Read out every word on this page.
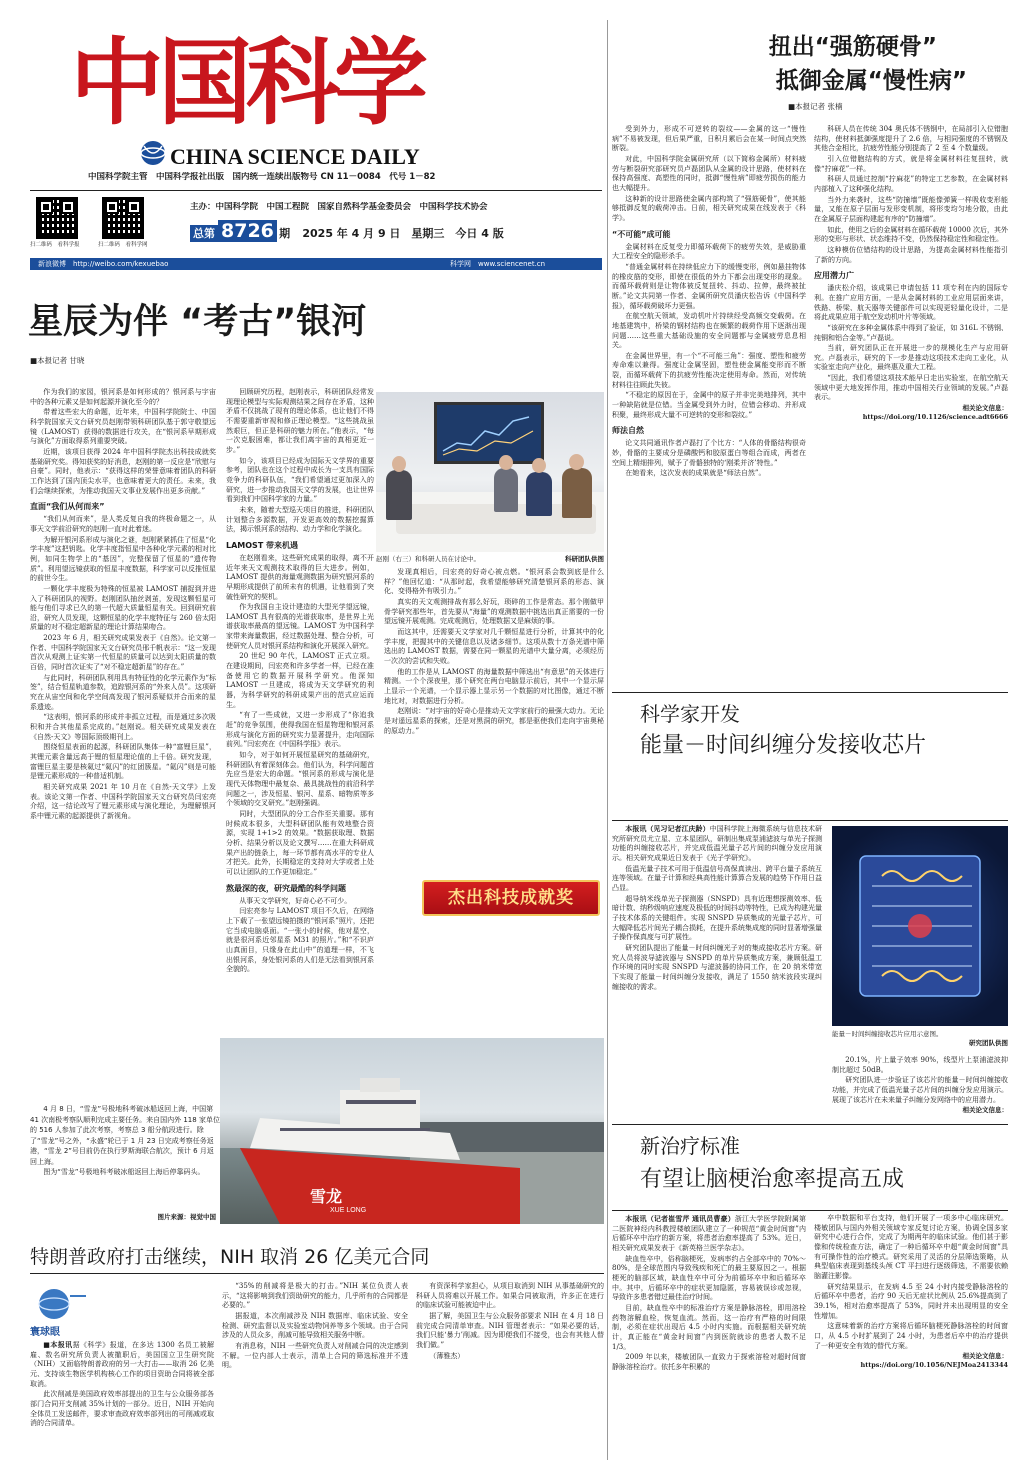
中国科学
CHINA SCIENCE DAILY
中国科学院主管　中国科学报社出版　国内统一连续出版物号 CN 11－0084　代号 1－82
扫二维码　看科学报	扫二维码　看科学网
主办：中国科学院　中国工程院　国家自然科学基金委员会　中国科学技术协会
总第 8726 期 2025 年 4 月 9 日　星期三　今日 4 版
新浪微博　http://weibo.com/kexuebao	科学网　www.sciencenet.cn
扭出“强筋硬骨”
抵御金属“慢性病”
■本报记者 张楠

受到外力，形成不可逆转的裂纹——金属的这一“慢性病”不易被发现，但后果严重，日积月累后会在某一时间点突然断裂。

对此，中国科学院金属研究所（以下简称金属所）材料疲劳与断裂研究部研究员卢磊团队从金属的设计思路，使材料在保持高强度、高塑性的同时，抵御“慢性病”即疲劳损伤的能力也大幅提升。

这种新的设计思路使金属内部构筑了“强筋硬骨”，使其能够抵御反复的载荷冲击。日前，相关研究成果在线发表于《科学》。

“不可能”成可能

金属材料在反复受力即循环载荷下的疲劳失效，是威胁重大工程安全的隐形杀手。

“普通金属材料在持续低应力下的缓慢变形，例如悬挂物体的橡皮筋的变形，即使在很低的外力下都会出现变形的现象。而循环载荷则是让物体被反复扭转、抖动、拉伸，最终被扯断。”论文共同第一作者、金属所研究员潘庆松告诉《中国科学报》，循环载荷破坏力更强。

在航空航天领域，发动机叶片持续经受高频交变载荷。在地基建筑中，桥梁的钢材结构也在频繁的载荷作用下逐渐出现问题……这些重大基础设施的安全问题都与金属疲劳息息相关。

在金属世界里，有一个“不可能三角”：强度、塑性和疲劳寿命难以兼得。强度让金属坚固，塑性使金属能变形而不断裂，而循环载荷下的抗疲劳性能决定使用寿命。然而，对传统材料往往顾此失彼。

“不稳定的原因在于，金属中的原子并非完美地排列，其中一种缺陷就是位错。当金属受到外力时，位错会移动、并形成积聚，最终形成大量不可逆转的变形和裂纹。”

师法自然

论文共同通讯作者卢磊打了个比方：“人体的骨骼结构很奇妙，骨骼的主要成分是磷酸钙和胶原蛋白等组合而成，两者在空间上精细排列，赋予了骨骼独特的‘刚柔并济’特性。”

在她看来，这次发表的成果就是“师法自然”。

科研人员在传统 304 奥氏体不锈钢中，在局部引入位错胞结构，使材料抵御强度提升了 2.6 倍，与相同强度的不锈钢及其他合金相比，抗疲劳性能分别提高了 2 至 4 个数量级。

引入位错胞结构的方式，就是将金属材料往复扭转，就像“拧麻花”一样。

科研人员通过控制“拧麻花”的特定工艺参数，在金属材料内部植入了这种强化结构。

当外力来袭时，这些“防撞墙”既能像弹簧一样吸收变形能量，又能在原子层面与发形变机制，将形变均匀地分散，由此在金属原子层面构建起有序的“防撞墙”。

如此，使用之后的金属材料在循环载荷 10000 次后，其外形的变形与形状、状态维持不变，仍然保持稳定性和稳定性。

这种模仿位错结构的设计思路，为提高金属材料性能指引了新的方向。

应用潜力广

潘庆松介绍，该成果已申请包括 11 项专利在内的国际专利。在推广应用方面，一是从金属材料的工业应用层面来讲，铁路、桥梁、航天器等关键部件可以实现更轻量化设计，二是将此成果应用于航空发动机叶片等领域。

“该研究在多种金属体系中得到了验证，如 316L 不锈钢、纯铜和铝合金等。”卢磊说。

当前，研究团队正在开展进一步的规模化生产与应用研究。卢磊表示，研究的下一步是推动这项技术走向工业化，从实验室走向产业化，最终惠及重大工程。

“因此，我们希望这项技术能早日走出实验室，在航空航天领域中更大地发挥作用，推动中国相关行业领域的发展。”卢磊表示。

相关论文信息：
https://doi.org/10.1126/science.adt6666
星辰为伴 “考古”银河
■本报记者 甘晓

作为我们的家园，银河系是如何形成的？银河系与宇宙中的各种元素又是如何起源并演化至今的？

带着这些宏大的命题，近年来，中国科学院院士、中国科学院国家天文台研究员赵刚带领科研团队基于郭守敬望远镜（LAMOST）获得的数据进行攻关，在“银河系早期形成与演化”方面取得系列重要突破。

近期，该项目获得 2024 年中国科学院杰出科技成就奖基础研究奖。得知获奖的好消息，赵刚的第一反应是“欣慰与自豪”。同时，他表示：“获得这样的荣誉意味着团队的科研工作达到了国内顶尖水平，也意味着更大的责任。未来，我们会继续探索，为推动我国天文事业发展作出更多贡献。”

直面“我们从何而来”

“我们从何而来”，是人类反复自我的终极命题之一，从事天文学前沿研究的赵刚一直对此着迷。

为解开银河系形成与演化之谜，赵刚紧紧抓住了恒星“化学丰度”这把钥匙。化学丰度指恒星中各种化学元素的相对比例，如同生物学上的“基因”，完整保留了恒星的“遗传物质”。利用望远镜获取的恒星丰度数据，科学家可以反推恒星的前世今生。

一颗化学丰度极为特殊的恒星被 LAMOST 捕捉到并进入了科研团队的视野。赵刚团队抽丝剥茧，发现这颗恒星可能与他们寻求已久的第一代超大质量恒星有关。回到研究前沿，研究人员发现，这颗恒星的化学丰度特征与 260 倍太阳质量的对不稳定超新星的理论计算结果吻合。

2023 年 6 月，相关研究成果发表于《自然》。论文第一作者、中国科学院国家天文台研究员邢千帆表示：“这一发现首次从观测上证实第一代恒星的质量可以达到太阳质量的数百倍，同时首次证实了“对不稳定超新星”的存在。”

与此同时，科研团队利用具有特征性的化学元素作为“标签”，结合恒星轨道参数，追踪银河系的“外来人员”。这项研究在从宙空间和化学空间高发现了银河系疑似并合而来的星系遗迹。

“这表明，银河系的形成并非孤立过程，而是通过多次吸积和并合其他星系完成的。”赵刚说。相关研究成果发表在《自然-天文》等国际顶级期刊上。

围绕恒星表面的起源，科研团队集体一种“富锂巨星”，其锂元素含量远高于锂的恒星理论值的上千倍。研究发现，富锂巨星主要是核氦过“氦闪”的红团簇星。“氦闪”则是可能是锂元素形成的一种普适机制。

相关研究成果 2021 年 10 月在《自然-天文学》上发表。该论文第一作者、中国科学院国家天文台研究员闫宏亮介绍，这一结论改写了锂元素形成与演化理论，为理解银河系中锂元素的起源提供了新视角。

回顾研究历程，赵刚表示，科研团队经常发现理论模型与实际观测结果之间存在矛盾，这种矛盾不仅挑战了现有的理论体系，也让他们不得不需要重新审视和修正理论模型。“这些挑战虽然艰巨，但正是科研的魅力所在。”他表示，“每一次克服困难，都让我们离宇宙的真相更近一步。”

如今，该项目已经成为国际天文学界的重要参考，团队也在这个过程中成长为一支具有国际竞争力的科研队伍，“我们希望通过更加深入的研究，进一步推动我国天文学的发展，也让世界看到我们中国科学家的力量。”

未来，随着大型巡天项目的推进，科研团队计划整合多源数据，开发更高效的数据挖掘算法，揭示银河系的结构、动力学和化学演化。

LAMOST 带来机遇

在赵刚看来，这些研究成果的取得，离不开近年来天文观测技术取得的巨大进步。例如，LAMOST 提供的海量观测数据为研究银河系的早期形成提供了前所未有的机遇，让他看到了突破性研究的契机。

作为我国自主设计建造的大型光学望远镜，LAMOST 具有很高的光谱获取率，是世界上光谱获取率最高的望远镜。LAMOST 为中国科学家带来海量数据，经过数据处理、整合分析，可使研究人员对银河系结构和演化开展深入研究。

20 世纪 90 年代，LAMOST 正式立项。在建设期间，闫宏亮和许多学者一样，已经在准备使用它的数据开展科学研究。他深知 LAMOST 一旦建成，将成为天文学研究的利器，为科学研究的科研成果产出的范式应运而生。

“有了一些成就，又进一步形成了“你追我赶”的竞争氛围，使得我国在恒星物理和银河系形成与演化方面的研究实力显著提升，走向国际前列。”闫宏亮在《中国科学报》表示。

如今，对于如何开展恒星研究的基础研究，科研团队有着深刻体会。他们认为，科学问题首先应当是宏大的命题。“银河系的形成与演化是现代天体物理中最复杂、最具挑战性的前沿科学问题之一，涉及恒星、银河、星系、暗物质等多个领域的交叉研究。”赵刚强调。

同时，大型团队的分工合作至关重要。那有时候成本很多，大型科研团队能有效地整合资源，实现 1+1>2 的效果。“数据获取理、数据分析、结果分析以及论文撰写……在重大科研成果产出的链条上，每一环节都有高水平的专业人才把关。此外，长期稳定的支持对大学或者上处可以让团队的工作更加稳定。”

熬最深的夜，研究最酷的科学问题

从事天文学研究，好奇心必不可少。

闫宏亮参与 LAMOST 项目不久后，在网络上下载了一张望远镜拍摄的“银河系”照片，还把它当成电脑桌面。“一张小的时候，他对星空，就是很河系近邻星系 M31 的照片。”和“不识庐山真面目，只缘身在此山中”的道理一样，不飞出银河系，身处银河系的人们是无法看到银河系全貌的。

发现真相后，闫宏亮的好奇心被点燃。“银河系会数到底是什么样？”他回忆道：“从那时起，我希望能够研究清楚银河系的形态、演化、变得格外有吸引力。”

真实的天文观测排战有那么好玩，琐碎的工作是常态。那个刚做甲骨学研究那些年，首先要从“海量”的观测数据中挑选出真正需要的一份望远镜开展观测。完成观测后，处理数据又是麻烦的事。

而这其中，还需要天文学家对几千颗恒星进行分析，计算其中的化学丰度，把握其中的关键信息以及诸多细节。这项从数十万条光谱中筛选出的 LAMOST 数据，需要在同一颗星的光谱中大量分离，必须经历一次次的尝试和失败。

他的工作是从 LAMOST 的海量数据中筛选出“有意思”的天体进行精测。一个个深夜里，那个研究在两台电脑显示前后，其中一个显示屏上显示一个光谱，一个显示器上显示另一个数据的对比图像，通过不断地比对，对数据进行分析。

赵刚说：“对宇宙的好奇心是推动天文学家前行的最强大动力。无论是对遥远星系的探索，还是对黑洞的研究，都是驱使我们走向宇宙奥秘的原动力。”

赵刚（右三）和科研人员在讨论中。	科研团队供图
杰出科技成就奖
雪龙
XUE LONG
4 月 8 日，“雪龙”号极地科考破冰船返回上海，中国第 41 次南极考察队顺利完成主要任务。来自国内外 118 家单位的 516 人参加了此次考察，考察总 3 船分航段进行。除了“雪龙”号之外，“永盛”轮已于 1 月 23 日完成考察任务返港，“雪龙 2”号目前仍在执行罗斯海联合航次，预计 6 月返回上海。
图为“雪龙”号极地科考破冰船返回上海后停靠码头。
图片来源：视觉中国
特朗普政府打击继续，NIH 取消 26 亿美元合同
寰球眼

■本报讯据《科学》报道，在多达 1300 名员工被解雇、数名研究所负责人被撤职后，美国国立卫生研究院（NIH）又面临特朗普政府的另一大打击——取消 26 亿美元、支持该生物医学机构核心工作的项目资助合同将被全部取消。

此次削减是美国政府效率部提出的卫生与公众服务部各部门合同开支削减 35%计划的一部分。近日，NIH 开始向全体员工发送邮件，要求审查政府效率部列出的可削减或取消的合同清单。

“35%的削减将是极大的打击。”NIH 某位负责人表示，“这将影响到我们资助研究的能力，几乎所有的合同都是必要的。”

据报道，本次削减涉及 NIH 数据库、临床试验、安全检测、研究监督以及实验室动物饲养等多个领域。由于合同涉及的人员众多，削减可能导致相关服务中断。

有消息称，NIH 一些研究负责人对削减合同的决定感到不解。一位内部人士表示，清单上合同的筛选标准并不透明。

有资深科学家担心，从项目取消到 NIH 从事基础研究的科研人员将难以开展工作。如果合同被取消，许多正在进行的临床试验可能被迫中止。

据了解，美国卫生与公众服务部要求 NIH 在 4 月 18 日前完成合同清单审查。NIH 管理者表示：“如果必要的话，我们只能‘暴力’削减。因为即便我们不接受，也会有其他人替我们做。”

（薄雅杰）

科学家开发
能量－时间纠缠分发接收芯片

本报讯（见习记者江庆龄）中国科学院上海微系统与信息技术研究所研究员尤立星、立本星团队，研制出集成泵浦滤波与单光子探测功能的纠缠接收芯片，并完成低温光量子芯片间的纠缠分发应用演示。相关研究成果近日发表于《光子学研究》。

低温光量子技术可用于低温信号高保真读出、跨平台量子系统互连等领域。在量子计算和经典高性能计算算合发展的趋势下作用日益凸显。

超导纳米线单光子探测器（SNSPD）具有近理想探测效率、低暗计数、纳秒级响应速度及极低的时间抖动等特性，已成为构建光量子技术体系的关键组件。实现 SNSPD 异质集成的光量子芯片，可大幅降低芯片间光子耦合损耗，在提升系统集成度的同时显著增强量子操作保真度与可扩展性。

研究团队提出了能量－时间纠缠光子对的集成接收芯片方案。研究人员将波导滤波器与 SNSPD 的单片异质集成方案，兼顾低温工作环境的同时实现 SNSPD 与滤波器的协同工作，在 20 纳米带宽下实现了能量－时间纠缠分发接收，满足了 1550 纳米波段实现纠缠接收的需求。

能量－时间纠缠接收芯片应用示意图。
研究团队供图

20.1%，片上量子效率 90%，线型片上泵浦滤波抑制比超过 50dB。

研究团队进一步验证了该芯片的能量－时间纠缠接收功能，并完成了低温光量子芯片间的纠缠分发应用演示。展现了该芯片在未来量子纠缠分发网络中的应用潜力。

相关论文信息：
新治疗标准
有望让脑梗治愈率提高五成

本报讯（记者崔雪芹 通讯员曹豪）浙江大学医学院附属第二医院神经内科教授楼敏团队建立了一种规范“黄金时间窗”内后循环卒中治疗的新方案，将患者治愈率提高了 53%。近日，相关研究成果发表于《新英格兰医学杂志》。

缺血性卒中，俗称脑梗死，发病率约占全部卒中的 70%～80%，是全球范围内导致残疾和死亡的最主要原因之一。根据梗死的脑部区域，缺血性卒中可分为前循环卒中和后循环卒中。其中，后循环卒中的症状更加隐匿，容易被误诊或忽视，导致许多患者错过最佳治疗时间。

目前，缺血性卒中的标准治疗方案是静脉溶栓，即用溶栓药物溶解血栓，恢复血流。然而，这一治疗有严格的时间限制，必须在症状出现后 4.5 小时内实施。而根据相关研究统计，真正能在“黄金时间窗”内到医院就诊的患者人数不足 1/3。

2009 年以来，楼敏团队一直致力于探索溶栓对超时间窗静脉溶栓治疗。依托多年积累的

卒中数据和平台支持，他们开展了一项多中心临床研究。楼敏团队与国内外相关领域专家反复讨论方案，协调全国多家研究中心进行合作，完成了为期两年的临床试验。他们甚于影像和传统检查方法，确定了一种后循环卒中超“黄金时间窗”具有可操作性的治疗模式。研究采用了灵活的分层筛选策略，从典型临床表现到基线头颅 CT 平扫进行逐级筛选，不需要依赖脑灌注影像。

研究结果显示，在发病 4.5 至 24 小时内接受静脉溶栓的后循环卒中患者，治疗 90 天后无症状比例从 25.6%提高到了 39.1%，相对治愈率提高了 53%，同时并未出现明显的安全性增加。

这意味着新的治疗方案将后循环脑梗死静脉溶栓的时间窗口，从 4.5 小时扩展到了 24 小时，为患者后卒中的治疗提供了一种更安全有效的替代方案。

相关论文信息：
https://doi.org/10.1056/NEJMoa2413344
